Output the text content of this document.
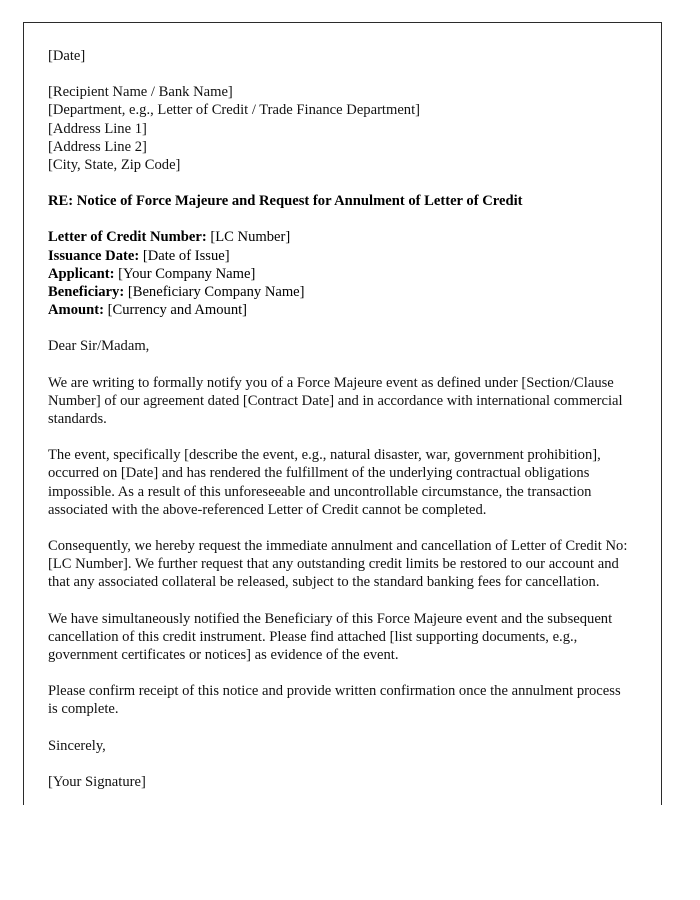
[Date]
[Recipient Name / Bank Name]
[Department, e.g., Letter of Credit / Trade Finance Department]
[Address Line 1]
[Address Line 2]
[City, State, Zip Code]
RE: Notice of Force Majeure and Request for Annulment of Letter of Credit
Letter of Credit Number: [LC Number]
Issuance Date: [Date of Issue]
Applicant: [Your Company Name]
Beneficiary: [Beneficiary Company Name]
Amount: [Currency and Amount]
Dear Sir/Madam,
We are writing to formally notify you of a Force Majeure event as defined under [Section/Clause Number] of our agreement dated [Contract Date] and in accordance with international commercial standards.
The event, specifically [describe the event, e.g., natural disaster, war, government prohibition], occurred on [Date] and has rendered the fulfillment of the underlying contractual obligations impossible. As a result of this unforeseeable and uncontrollable circumstance, the transaction associated with the above-referenced Letter of Credit cannot be completed.
Consequently, we hereby request the immediate annulment and cancellation of Letter of Credit No: [LC Number]. We further request that any outstanding credit limits be restored to our account and that any associated collateral be released, subject to the standard banking fees for cancellation.
We have simultaneously notified the Beneficiary of this Force Majeure event and the subsequent cancellation of this credit instrument. Please find attached [list supporting documents, e.g., government certificates or notices] as evidence of the event.
Please confirm receipt of this notice and provide written confirmation once the annulment process is complete.
Sincerely,
[Your Signature]
